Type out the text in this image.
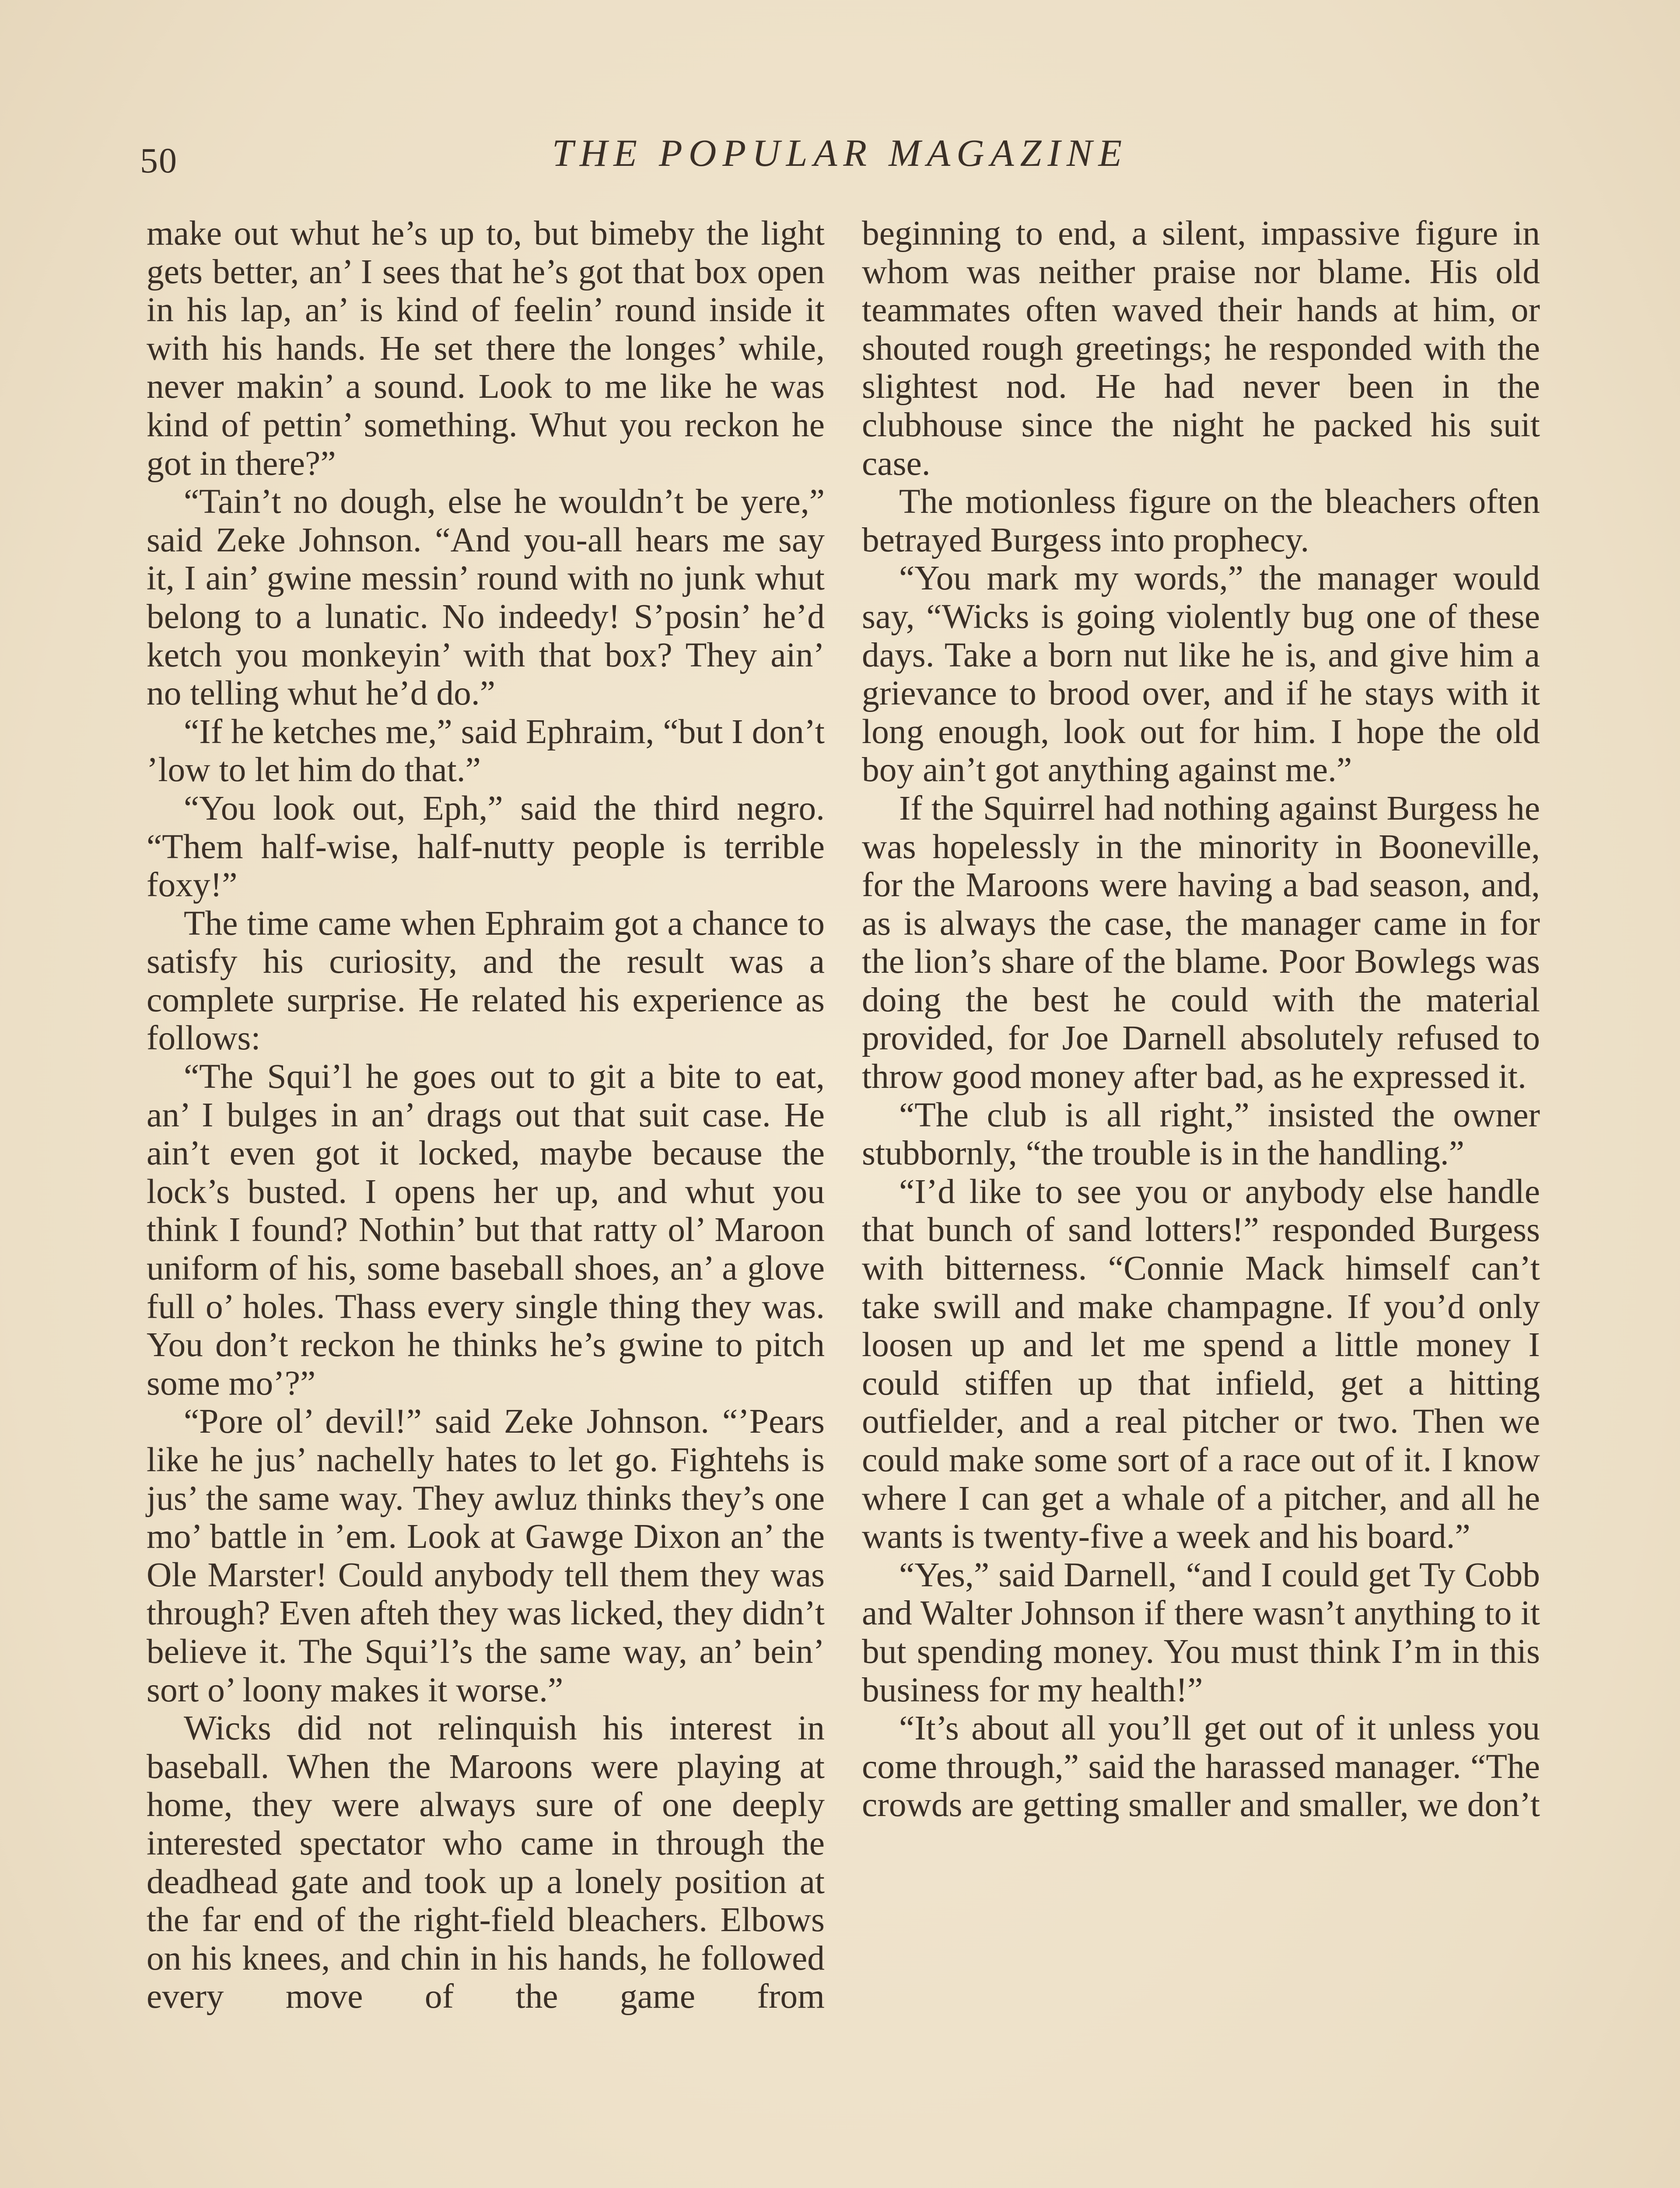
50	THE POPULAR MAGAZINE

make out whut he’s up to, but bimeby the light gets better, an’ I sees that he’s got that box open in his lap, an’ is kind of feelin’ round inside it with his hands. He set there the longes’ while, never makin’ a sound. Look to me like he was kind of pettin’ something. Whut you reckon he got in there?”

“Tain’t no dough, else he wouldn’t be yere,” said Zeke Johnson. “And you-all hears me say it, I ain’ gwine messin’ round with no junk whut belong to a lunatic. No indeedy! S’posin’ he’d ketch you monkeyin’ with that box? They ain’ no telling whut he’d do.”

“If he ketches me,” said Ephraim, “but I don’t ’low to let him do that.”

“You look out, Eph,” said the third negro. “Them half-wise, half-nutty people is terrible foxy!”

The time came when Ephraim got a chance to satisfy his curiosity, and the result was a complete surprise. He related his experience as follows:

“The Squi’l he goes out to git a bite to eat, an’ I bulges in an’ drags out that suit case. He ain’t even got it locked, maybe because the lock’s busted. I opens her up, and whut you think I found? Nothin’ but that ratty ol’ Maroon uniform of his, some baseball shoes, an’ a glove full o’ holes. Thass every single thing they was. You don’t reckon he thinks he’s gwine to pitch some mo’?”

“Pore ol’ devil!” said Zeke Johnson. “’Pears like he jus’ nachelly hates to let go. Fightehs is jus’ the same way. They awluz thinks they’s one mo’ battle in ’em. Look at Gawge Dixon an’ the Ole Marster! Could anybody tell them they was through? Even afteh they was licked, they didn’t believe it. The Squi’l’s the same way, an’ bein’ sort o’ loony makes it worse.”

Wicks did not relinquish his interest in baseball. When the Maroons were playing at home, they were always sure of one deeply interested spectator who came in through the deadhead gate and took up a lonely position at the far end of the right-field bleachers. Elbows on his knees, and chin in his hands, he followed every move of the game from

beginning to end, a silent, impassive figure in whom was neither praise nor blame. His old teammates often waved their hands at him, or shouted rough greetings; he responded with the slightest nod. He had never been in the clubhouse since the night he packed his suit case.

The motionless figure on the bleachers often betrayed Burgess into prophecy.

“You mark my words,” the manager would say, “Wicks is going violently bug one of these days. Take a born nut like he is, and give him a grievance to brood over, and if he stays with it long enough, look out for him. I hope the old boy ain’t got anything against me.”

If the Squirrel had nothing against Burgess he was hopelessly in the minority in Booneville, for the Maroons were having a bad season, and, as is always the case, the manager came in for the lion’s share of the blame. Poor Bowlegs was doing the best he could with the material provided, for Joe Darnell absolutely refused to throw good money after bad, as he expressed it.

“The club is all right,” insisted the owner stubbornly, “the trouble is in the handling.”

“I’d like to see you or anybody else handle that bunch of sand lotters!” responded Burgess with bitterness. “Connie Mack himself can’t take swill and make champagne. If you’d only loosen up and let me spend a little money I could stiffen up that infield, get a hitting outfielder, and a real pitcher or two. Then we could make some sort of a race out of it. I know where I can get a whale of a pitcher, and all he wants is twenty-five a week and his board.”

“Yes,” said Darnell, “and I could get Ty Cobb and Walter Johnson if there wasn’t anything to it but spending money. You must think I’m in this business for my health!”

“It’s about all you’ll get out of it unless you come through,” said the harassed manager. “The crowds are getting smaller and smaller, we don’t
